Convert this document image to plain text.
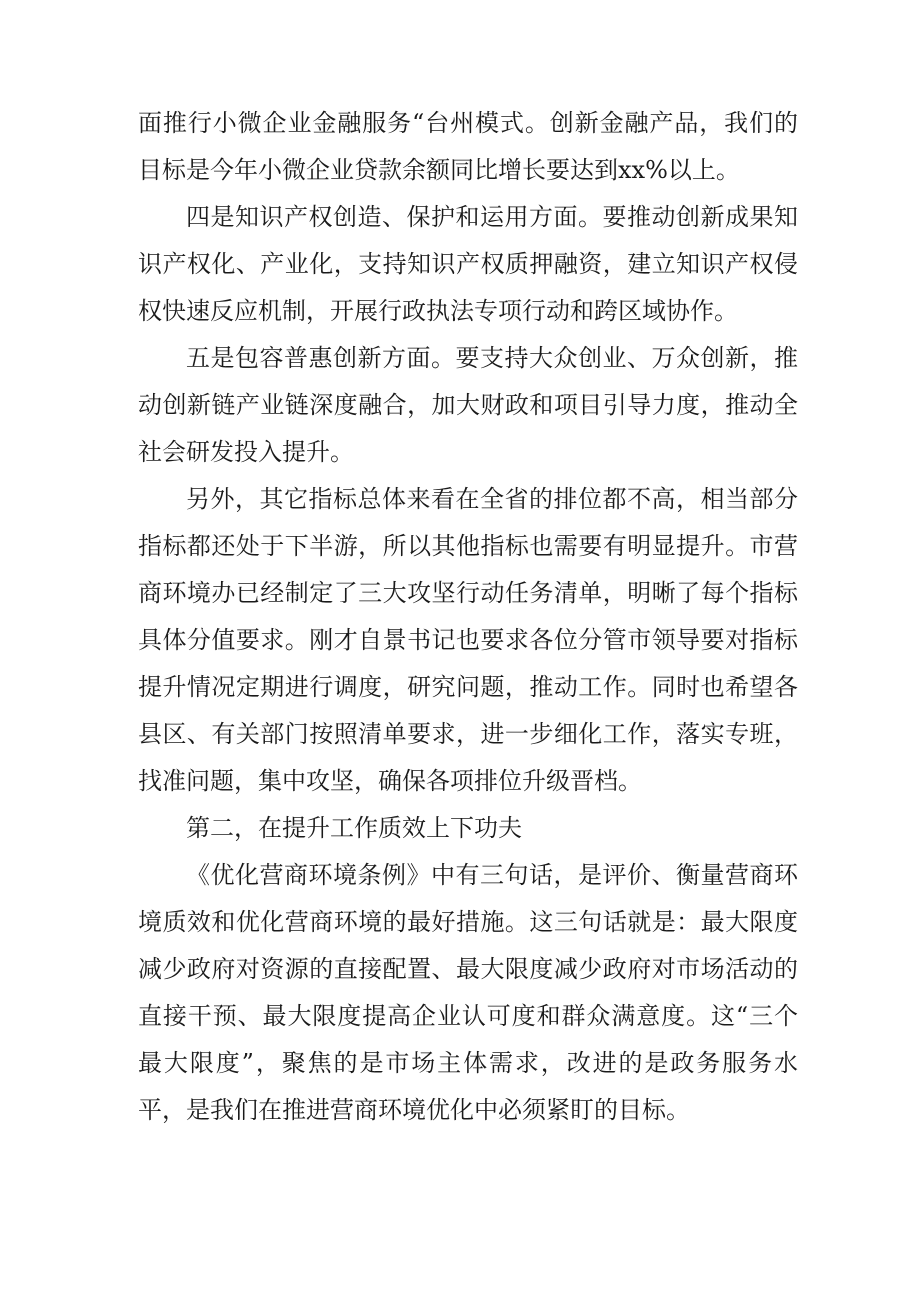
面推行小微企业金融服务“台州模式。创新金融产品，我们的目标是今年小微企业贷款余额同比增长要达到xx%以上。

四是知识产权创造、保护和运用方面。要推动创新成果知识产权化、产业化，支持知识产权质押融资，建立知识产权侵权快速反应机制，开展行政执法专项行动和跨区域协作。

五是包容普惠创新方面。要支持大众创业、万众创新，推动创新链产业链深度融合，加大财政和项目引导力度，推动全社会研发投入提升。

另外，其它指标总体来看在全省的排位都不高，相当部分指标都还处于下半游，所以其他指标也需要有明显提升。市营商环境办已经制定了三大攻坚行动任务清单，明晰了每个指标具体分值要求。刚才自景书记也要求各位分管市领导要对指标提升情况定期进行调度，研究问题，推动工作。同时也希望各县区、有关部门按照清单要求，进一步细化工作，落实专班，找准问题，集中攻坚，确保各项排位升级晋档。

第二，在提升工作质效上下功夫

《优化营商环境条例》中有三句话，是评价、衡量营商环境质效和优化营商环境的最好措施。这三句话就是：最大限度减少政府对资源的直接配置、最大限度减少政府对市场活动的直接干预、最大限度提高企业认可度和群众满意度。这“三个最大限度”，聚焦的是市场主体需求，改进的是政务服务水平，是我们在推进营商环境优化中必须紧盯的目标。
